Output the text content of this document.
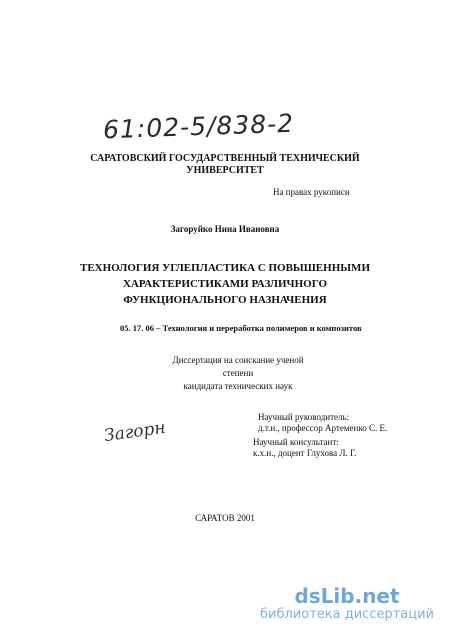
61:02-5/838-2
САРАТОВСКИЙ ГОСУДАРСТВЕННЫЙ ТЕХНИЧЕСКИЙ
УНИВЕРСИТЕТ
На правах рукописи
Загоруйко Нина Ивановна
ТЕХНОЛОГИЯ УГЛЕПЛАСТИКА С ПОВЫШЕННЫМИ
ХАРАКТЕРИСТИКАМИ РАЗЛИЧНОГО
ФУНКЦИОНАЛЬНОГО НАЗНАЧЕНИЯ
05. 17. 06 – Технология и переработка полимеров и композитов
Диссертация на соискание ученой степени
кандидата технических наук
Загорн
Научный руководитель:
д.т.н., профессор Артеменко С. Е.
Научный консультант:
к.х.н., доцент Глухова Л. Г.
САРАТОВ 2001
dsLib.net
библиотека диссертаций
